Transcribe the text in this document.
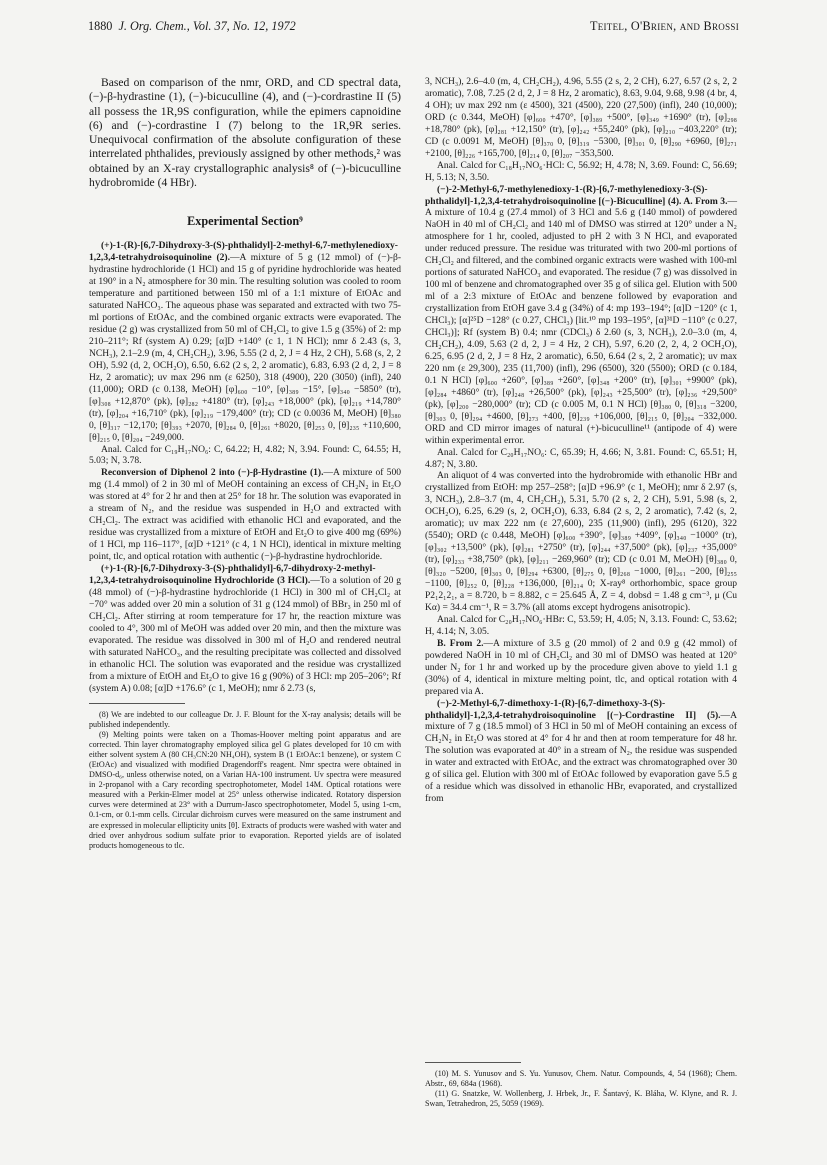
1880 J. Org. Chem., Vol. 37, No. 12, 1972	Teitel, O'Brien, and Brossi

Based on comparison of the nmr, ORD, and CD spectral data, (−)-β-hydrastine (1), (−)-bicuculline (4), and (−)-cordrastine II (5) all possess the 1R,9S configuration, while the epimers capnoidine (6) and (−)-cordrastine I (7) belong to the 1R,9R series. Unequivocal confirmation of the absolute configuration of these interrelated phthalides, previously assigned by other methods,² was obtained by an X-ray crystallographic analysis⁸ of (−)-bicuculline hydrobromide (4 HBr).

Experimental Section⁹

(+)-1-(R)-[6,7-Dihydroxy-3-(S)-phthalidyl]-2-methyl-6,7-methylenedioxy-1,2,3,4-tetrahydroisoquinoline (2).—A mixture of 5 g (12 mmol) of (−)-β-hydrastine hydrochloride (1 HCl) and 15 g of pyridine hydrochloride was heated at 190° in a N₂ atmosphere for 30 min. The resulting solution was cooled to room temperature and partitioned between 150 ml of a 1:1 mixture of EtOAc and saturated NaHCO₃. The aqueous phase was separated and extracted with two 75-ml portions of EtOAc, and the combined organic extracts were evaporated. The residue (2 g) was crystallized from 50 ml of CH₂Cl₂ to give 1.5 g (35%) of 2: mp 210–211°; Rf (system A) 0.29; [α]D +140° (c 1, 1 N HCl); nmr δ 2.43 (s, 3, NCH₃), 2.1–2.9 (m, 4, CH₂CH₂), 3.96, 5.55 (2 d, 2, J = 4 Hz, 2 CH), 5.68 (s, 2, 2 OH), 5.92 (d, 2, OCH₂O), 6.50, 6.62 (2 s, 2, 2 aromatic), 6.83, 6.93 (2 d, 2, J = 8 Hz, 2 aromatic); uv max 296 nm (ε 6250), 318 (4900), 220 (3050) (infl), 240 (11,000); ORD (c 0.138, MeOH) [φ]₆₀₀ −10°, [φ]₃₈₉ −15°, [φ]₃₄₀ −5850° (tr), [φ]₃₀₈ +12,870° (pk), [φ]₂₈₂ +4180° (tr), [φ]₂₄₃ +18,000° (pk), [φ]₂₁₉ +14,780° (tr), [φ]₂₀₄ +16,710° (pk), [φ]₂₁₉ −179,400° (tr); CD (c 0.0036 M, MeOH) [θ]₃₈₀ 0, [θ]₃₁₇ −12,170; [θ]₃₉₃ +2070, [θ]₂₈₄ 0, [θ]₂₆₁ +8020, [θ]₂₅₃ 0, [θ]₂₃₅ +110,600, [θ]₂₁₅ 0, [θ]₂₀₄ −249,000.

Anal. Calcd for C₁₉H₁₇NO₆: C, 64.22; H, 4.82; N, 3.94. Found: C, 64.55; H, 5.03; N, 3.78.

Reconversion of Diphenol 2 into (−)-β-Hydrastine (1).—A mixture of 500 mg (1.4 mmol) of 2 in 30 ml of MeOH containing an excess of CH₂N₂ in Et₂O was stored at 4° for 2 hr and then at 25° for 18 hr. The solution was evaporated in a stream of N₂, and the residue was suspended in H₂O and extracted with CH₂Cl₂. The extract was acidified with ethanolic HCl and evaporated, and the residue was crystallized from a mixture of EtOH and Et₂O to give 400 mg (69%) of 1 HCl, mp 116–117°, [α]D +121° (c 4, 1 N HCl), identical in mixture melting point, tlc, and optical rotation with authentic (−)-β-hydrastine hydrochloride.

(+)-1-(R)-[6,7-Dihydroxy-3-(S)-phthalidyl]-6,7-dihydroxy-2-methyl-1,2,3,4-tetrahydroisoquinoline Hydrochloride (3 HCl).—To a solution of 20 g (48 mmol) of (−)-β-hydrastine hydrochloride (1 HCl) in 300 ml of CH₂Cl₂ at −70° was added over 20 min a solution of 31 g (124 mmol) of BBr₃ in 250 ml of CH₂Cl₂. After stirring at room temperature for 17 hr, the reaction mixture was cooled to 4°, 300 ml of MeOH was added over 20 min, and then the mixture was evaporated. The residue was dissolved in 300 ml of H₂O and rendered neutral with saturated NaHCO₃, and the resulting precipitate was collected and dissolved in ethanolic HCl. The solution was evaporated and the residue was crystallized from a mixture of EtOH and Et₂O to give 16 g (90%) of 3 HCl: mp 205–206°; Rf (system A) 0.08; [α]D +176.6° (c 1, MeOH); nmr δ 2.73 (s,

(8) We are indebted to our colleague Dr. J. F. Blount for the X-ray analysis; details will be published independently.

(9) Melting points were taken on a Thomas-Hoover melting point apparatus and are corrected. Thin layer chromatography employed silica gel G plates developed for 10 cm with either solvent system A (80 CH₃CN:20 NH₄OH), system B (1 EtOAc:1 benzene), or system C (EtOAc) and visualized with modified Dragendorff's reagent. Nmr spectra were obtained in DMSO-d₆, unless otherwise noted, on a Varian HA-100 instrument. Uv spectra were measured in 2-propanol with a Cary recording spectrophotometer, Model 14M. Optical rotations were measured with a Perkin-Elmer model at 25° unless otherwise indicated. Rotatory dispersion curves were determined at 23° with a Durrum-Jasco spectrophotometer, Model 5, using 1-cm, 0.1-cm, or 0.1-mm cells. Circular dichroism curves were measured on the same instrument and are expressed in molecular ellipticity units [θ]. Extracts of products were washed with water and dried over anhydrous sodium sulfate prior to evaporation. Reported yields are of isolated products homogeneous to tlc.

3, NCH₃), 2.6–4.0 (m, 4, CH₂CH₂), 4.96, 5.55 (2 s, 2, 2 CH), 6.27, 6.57 (2 s, 2, 2 aromatic), 7.08, 7.25 (2 d, 2, J = 8 Hz, 2 aromatic), 8.63, 9.04, 9.68, 9.98 (4 br, 4, 4 OH); uv max 292 nm (ε 4500), 321 (4500), 220 (27,500) (infl), 240 (10,000); ORD (c 0.344, MeOH) [φ]₆₀₀ +470°, [φ]₃₈₉ +500°, [φ]₃₄₉ +1690° (tr), [φ]₂₉₈ +18,780° (pk), [φ]₂₈₁ +12,150° (tr), [φ]₂₄₂ +55,240° (pk), [φ]₂₁₀ −403,220° (tr); CD (c 0.0091 M, MeOH) [θ]₃₇₀ 0, [θ]₃₁₉ −5300, [θ]₃₀₁ 0, [θ]₂₉₀ +6960, [θ]₂₇₁ +2100, [θ]₂₂₆ +165,700, [θ]₂₁₄ 0, [θ]₂₀₇ −353,500.

Anal. Calcd for C₁₈H₁₇NO₆·HCl: C, 56.92; H, 4.78; N, 3.69. Found: C, 56.69; H, 5.13; N, 3.50.

(−)-2-Methyl-6,7-methylenedioxy-1-(R)-[6,7-methylenedioxy-3-(S)-phthalidyl]-1,2,3,4-tetrahydroisoquinoline [(−)-Bicuculline] (4). A. From 3.—A mixture of 10.4 g (27.4 mmol) of 3 HCl and 5.6 g (140 mmol) of powdered NaOH in 40 ml of CH₂Cl₂ and 140 ml of DMSO was stirred at 120° under a N₂ atmosphere for 1 hr, cooled, adjusted to pH 2 with 3 N HCl, and evaporated under reduced pressure. The residue was triturated with two 200-ml portions of CH₂Cl₂ and filtered, and the combined organic extracts were washed with 100-ml portions of saturated NaHCO₃ and evaporated. The residue (7 g) was dissolved in 100 ml of benzene and chromatographed over 35 g of silica gel. Elution with 500 ml of a 2:3 mixture of EtOAc and benzene followed by evaporation and crystallization from EtOH gave 3.4 g (34%) of 4: mp 193–194°; [α]D −120° (c 1, CHCl₃); [α]²⁵D −128° (c 0.27, CHCl₃) [lit.¹⁰ mp 193–195°, [α]³¹D −110° (c 0.27, CHCl₃)]; Rf (system B) 0.4; nmr (CDCl₃) δ 2.60 (s, 3, NCH₃), 2.0–3.0 (m, 4, CH₂CH₂), 4.09, 5.63 (2 d, 2, J = 4 Hz, 2 CH), 5.97, 6.20 (2, 2, 4, 2 OCH₂O), 6.25, 6.95 (2 d, 2, J = 8 Hz, 2 aromatic), 6.50, 6.64 (2 s, 2, 2 aromatic); uv max 220 nm (ε 29,300), 235 (11,700) (infl), 296 (6500), 320 (5500); ORD (c 0.184, 0.1 N HCl) [φ]₆₀₀ +260°, [φ]₃₈₉ +260°, [φ]₃₄₈ +200° (tr), [φ]₃₀₁ +9900° (pk), [φ]₂₈₄ +4860° (tr), [φ]₂₄₈ +26,500° (pk), [φ]₂₄₃ +25,500° (tr), [φ]₂₃₆ +29,500° (pk), [φ]₂₀₀ −280,000° (tr); CD (c 0.005 M, 0.1 N HCl) [θ]₃₈₀ 0, [θ]₃₁₈ −3200, [θ]₃₀₃ 0, [θ]₂₉₄ +4600, [θ]₂₇₃ +400, [θ]₂₃₉ +106,000, [θ]₂₁₅ 0, [θ]₂₀₄ −332,000. ORD and CD mirror images of natural (+)-bicuculline¹¹ (antipode of 4) were within experimental error.

Anal. Calcd for C₂₀H₁₇NO₆: C, 65.39; H, 4.66; N, 3.81. Found: C, 65.51; H, 4.87; N, 3.80.

An aliquot of 4 was converted into the hydrobromide with ethanolic HBr and crystallized from EtOH: mp 257–258°; [α]D +96.9° (c 1, MeOH); nmr δ 2.97 (s, 3, NCH₃), 2.8–3.7 (m, 4, CH₂CH₂), 5.31, 5.70 (2 s, 2, 2 CH), 5.91, 5.98 (s, 2, OCH₂O), 6.25, 6.29 (s, 2, OCH₂O), 6.33, 6.84 (2 s, 2, 2 aromatic), 7.42 (s, 2, aromatic); uv max 222 nm (ε 27,600), 235 (11,900) (infl), 295 (6120), 322 (5540); ORD (c 0.448, MeOH) [φ]₆₀₀ +390°, [φ]₃₈₉ +409°, [φ]₃₄₀ −1000° (tr), [φ]₃₀₂ +13,500° (pk), [φ]₂₈₁ +2750° (tr), [φ]₂₄₄ +37,500° (pk), [φ]₂₃₇ +35,000° (tr), [φ]₂₃₃ +38,750° (pk), [φ]₂₁₁ −269,960° (tr); CD (c 0.01 M, MeOH) [θ]₃₈₀ 0, [θ]₃₂₀ −5200, [θ]₃₀₃ 0, [θ]₂₉₄ +6300, [θ]₂₇₅ 0, [θ]₂₆₈ −1000, [θ]₂₆₁ −200, [θ]₂₅₅ −1100, [θ]₂₅₂ 0, [θ]₂₂₈ +136,000, [θ]₂₁₄ 0; X-ray⁸ orthorhombic, space group P2₁2₁2₁, a = 8.720, b = 8.882, c = 25.645 Å, Z = 4, dobsd = 1.48 g cm⁻³, μ (Cu Kα) = 34.4 cm⁻¹, R = 3.7% (all atoms except hydrogens anisotropic).

Anal. Calcd for C₂₀H₁₇NO₆·HBr: C, 53.59; H, 4.05; N, 3.13. Found: C, 53.62; H, 4.14; N, 3.05.

B. From 2.—A mixture of 3.5 g (20 mmol) of 2 and 0.9 g (42 mmol) of powdered NaOH in 10 ml of CH₂Cl₂ and 30 ml of DMSO was heated at 120° under N₂ for 1 hr and worked up by the procedure given above to yield 1.1 g (30%) of 4, identical in mixture melting point, tlc, and optical rotation with 4 prepared via A.

(−)-2-Methyl-6,7-dimethoxy-1-(R)-[6,7-dimethoxy-3-(S)-phthalidyl]-1,2,3,4-tetrahydroisoquinoline [(−)-Cordrastine II] (5).—A mixture of 7 g (18.5 mmol) of 3 HCl in 50 ml of MeOH containing an excess of CH₂N₂ in Et₂O was stored at 4° for 4 hr and then at room temperature for 48 hr. The solution was evaporated at 40° in a stream of N₂, the residue was suspended in water and extracted with EtOAc, and the extract was chromatographed over 30 g of silica gel. Elution with 300 ml of EtOAc followed by evaporation gave 5.5 g of a residue which was dissolved in ethanolic HBr, evaporated, and crystallized from

(10) M. S. Yunusov and S. Yu. Yunusov, Chem. Natur. Compounds, 4, 54 (1968); Chem. Abstr., 69, 684a (1968).

(11) G. Snatzke, W. Wollenberg, J. Hrbek, Jr., F. Šantavý, K. Bláha, W. Klyne, and R. J. Swan, Tetrahedron, 25, 5059 (1969).
